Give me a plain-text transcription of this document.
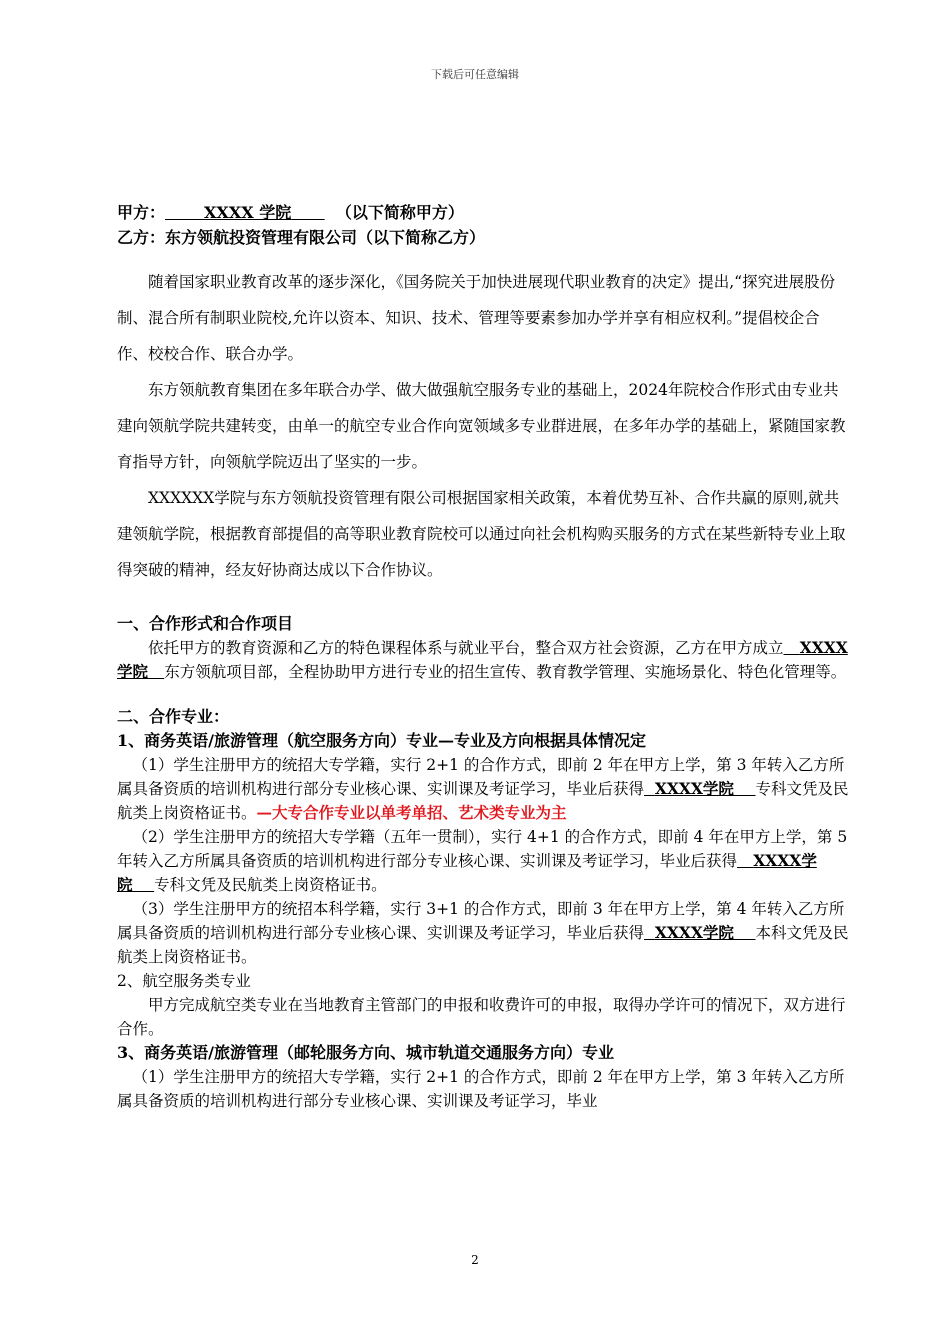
下载后可任意编辑
甲方： XXXX 学院	（以下简称甲方）
乙方：东方领航投资管理有限公司（以下简称乙方）

随着国家职业教育改革的逐步深化，《国务院关于加快进展现代职业教育的决定》提出,“探究进展股份制、混合所有制职业院校,允许以资本、知识、技术、管理等要素参加办学并享有相应权利。”提倡校企合作、校校合作、联合办学。

东方领航教育集团在多年联合办学、做大做强航空服务专业的基础上，2024年院校合作形式由专业共建向领航学院共建转变，由单一的航空专业合作向宽领域多专业群进展，在多年办学的基础上，紧随国家教育指导方针，向领航学院迈出了坚实的一步。

XXXXXX学院与东方领航投资管理有限公司根据国家相关政策，本着优势互补、合作共赢的原则,就共建领航学院，根据教育部提倡的高等职业教育院校可以通过向社会机构购买服务的方式在某些新特专业上取得突破的精神，经友好协商达成以下合作协议。

一、合作形式和合作项目

依托甲方的教育资源和乙方的特色课程体系与就业平台，整合双方社会资源，乙方在甲方成立 XXXX学院 东方领航项目部，全程协助甲方进行专业的招生宣传、教育教学管理、实施场景化、特色化管理等。

二、合作专业：

1、商务英语/旅游管理（航空服务方向）专业—专业及方向根据具体情况定

（1）学生注册甲方的统招大专学籍，实行 2+1 的合作方式，即前 2 年在甲方上学，第 3 年转入乙方所属具备资质的培训机构进行部分专业核心课、实训课及考证学习，毕业后获得 XXXX学院 专科文凭及民航类上岗资格证书。—大专合作专业以单考单招、艺术类专业为主

（2）学生注册甲方的统招大专学籍（五年一贯制），实行 4+1 的合作方式，即前 4 年在甲方上学，第 5 年转入乙方所属具备资质的培训机构进行部分专业核心课、实训课及考证学习，毕业后获得 XXXX学院 专科文凭及民航类上岗资格证书。

（3）学生注册甲方的统招本科学籍，实行 3+1 的合作方式，即前 3 年在甲方上学，第 4 年转入乙方所属具备资质的培训机构进行部分专业核心课、实训课及考证学习，毕业后获得 XXXX学院 本科文凭及民航类上岗资格证书。

2、航空服务类专业

甲方完成航空类专业在当地教育主管部门的申报和收费许可的申报，取得办学许可的情况下，双方进行合作。

3、商务英语/旅游管理（邮轮服务方向、城市轨道交通服务方向）专业

（1）学生注册甲方的统招大专学籍，实行 2+1 的合作方式，即前 2 年在甲方上学，第 3 年转入乙方所属具备资质的培训机构进行部分专业核心课、实训课及考证学习，毕业

2
